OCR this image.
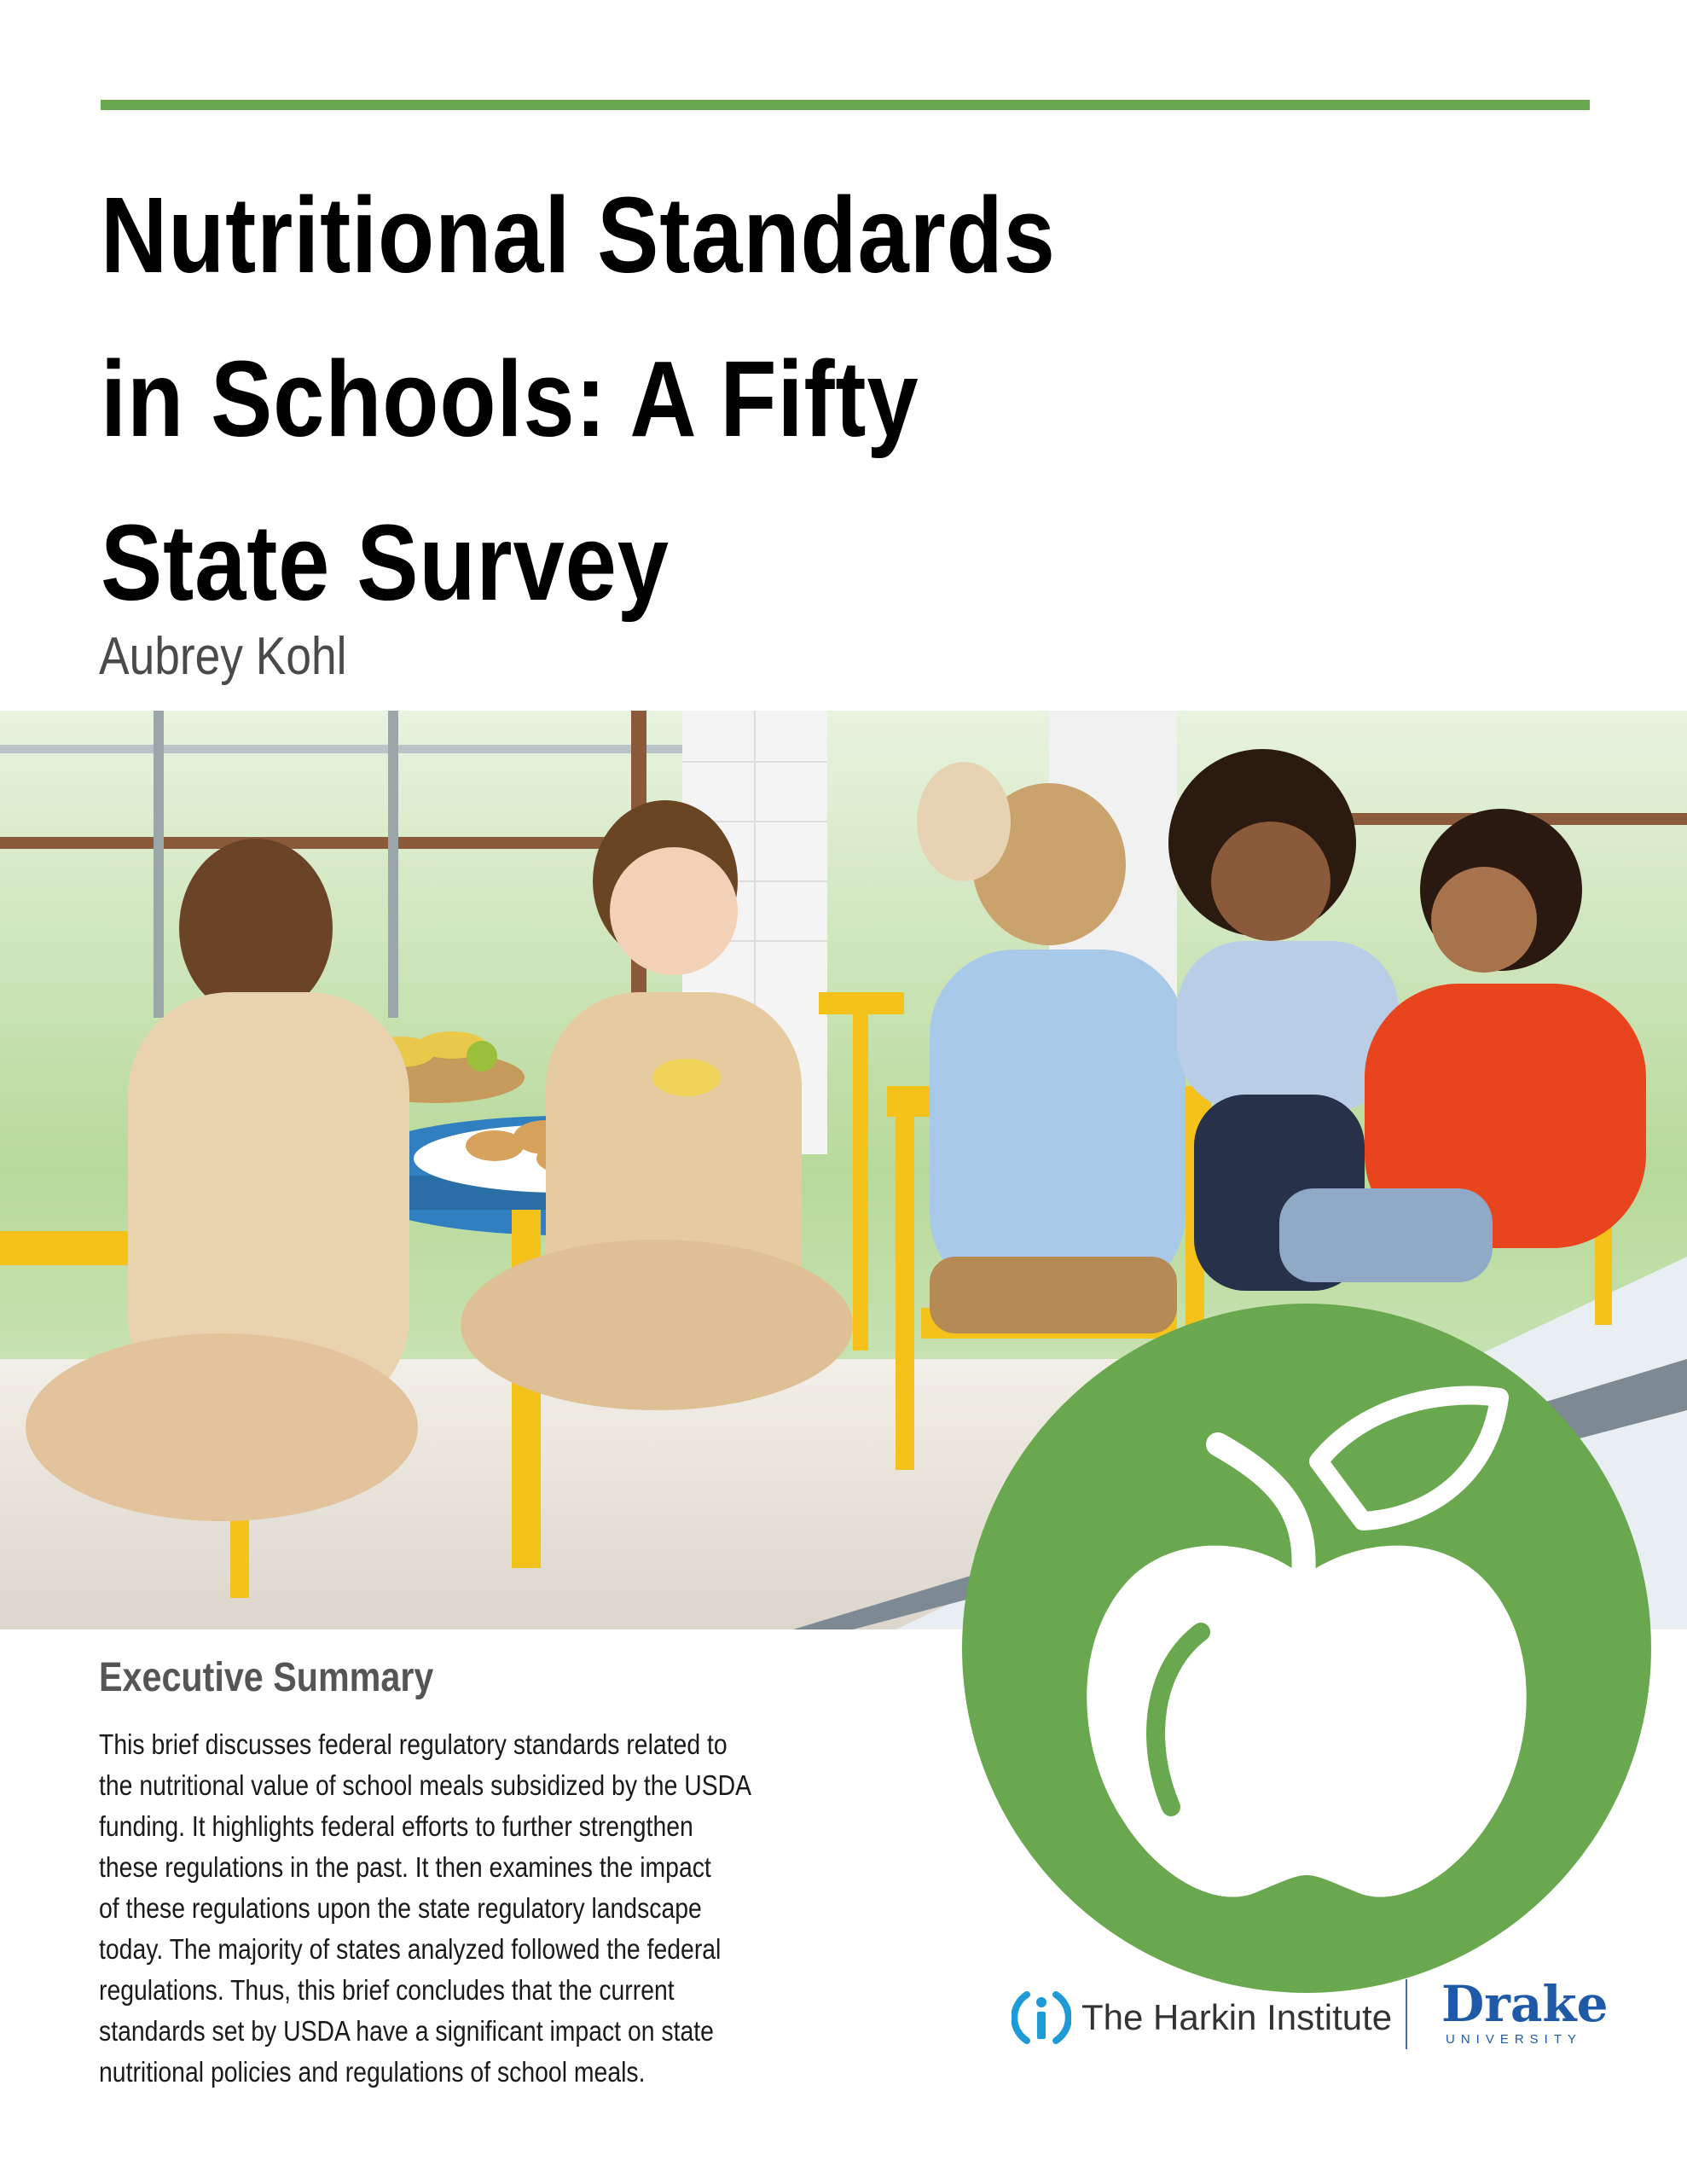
Nutritional Standards
in Schools: A Fifty
State Survey

Aubrey Kohl

Executive Summary

This brief discusses federal regulatory standards related to
the nutritional value of school meals subsidized by the USDA
funding. It highlights federal efforts to further strengthen
these regulations in the past. It then examines the impact
of these regulations upon the state regulatory landscape
today. The majority of states analyzed followed the federal
regulations. Thus, this brief concludes that the current
standards set by USDA have a significant impact on state
nutritional policies and regulations of school meals.

The Harkin Institute Drake
UNIVERSITY
